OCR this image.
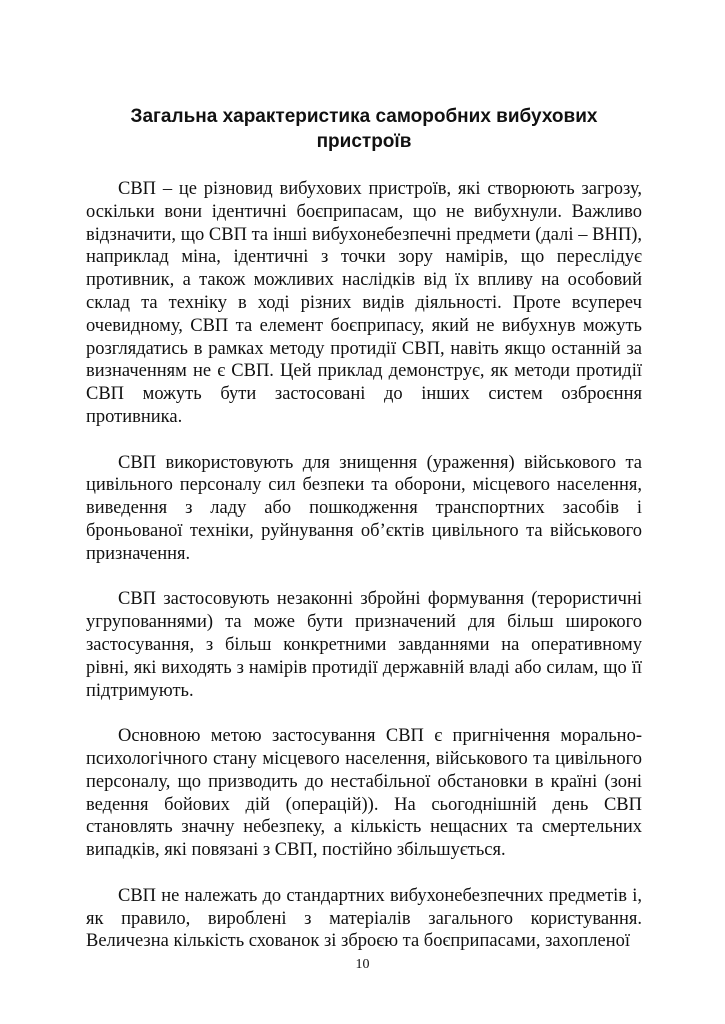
Загальна характеристика саморобних вибухових пристроїв

СВП – це різновид вибухових пристроїв, які створюють загрозу, оскільки вони ідентичні боєприпасам, що не вибухнули. Важливо відзначити, що СВП та інші вибухонебезпечні предмети (далі – ВНП), наприклад міна, ідентичні з точки зору намірів, що переслідує противник, а також можливих наслідків від їх впливу на особовий склад та техніку в ході різних видів діяльності. Проте всупереч очевидному, СВП та елемент боєприпасу, який не вибухнув можуть розглядатись в рамках методу протидії СВП, навіть якщо останній за визначенням не є СВП. Цей приклад демонструє, як методи протидії СВП можуть бути застосовані до інших систем озброєння противника.

СВП використовують для знищення (ураження) військового та цивільного персоналу сил безпеки та оборони, місцевого населення, виведення з ладу або пошкодження транспортних засобів і броньованої техніки, руйнування об’єктів цивільного та військового призначення.

СВП застосовують незаконні збройні формування (терористичні угрупованнями) та може бути призначений для більш широкого застосування, з більш конкретними завданнями на оперативному рівні, які виходять з намірів протидії державній владі або силам, що її підтримують.

Основною метою застосування СВП є пригнічення морально-психологічного стану місцевого населення, військового та цивільного персоналу, що призводить до нестабільної обстановки в країні (зоні ведення бойових дій (операцій)). На сьогоднішній день СВП становлять значну небезпеку, а кількість нещасних та смертельних випадків, які повязані з СВП, постійно збільшується.

СВП не належать до стандартних вибухонебезпечних предметів і, як правило, вироблені з матеріалів загального користування. Величезна кількість схованок зі зброєю та боєприпасами, захопленої

10
